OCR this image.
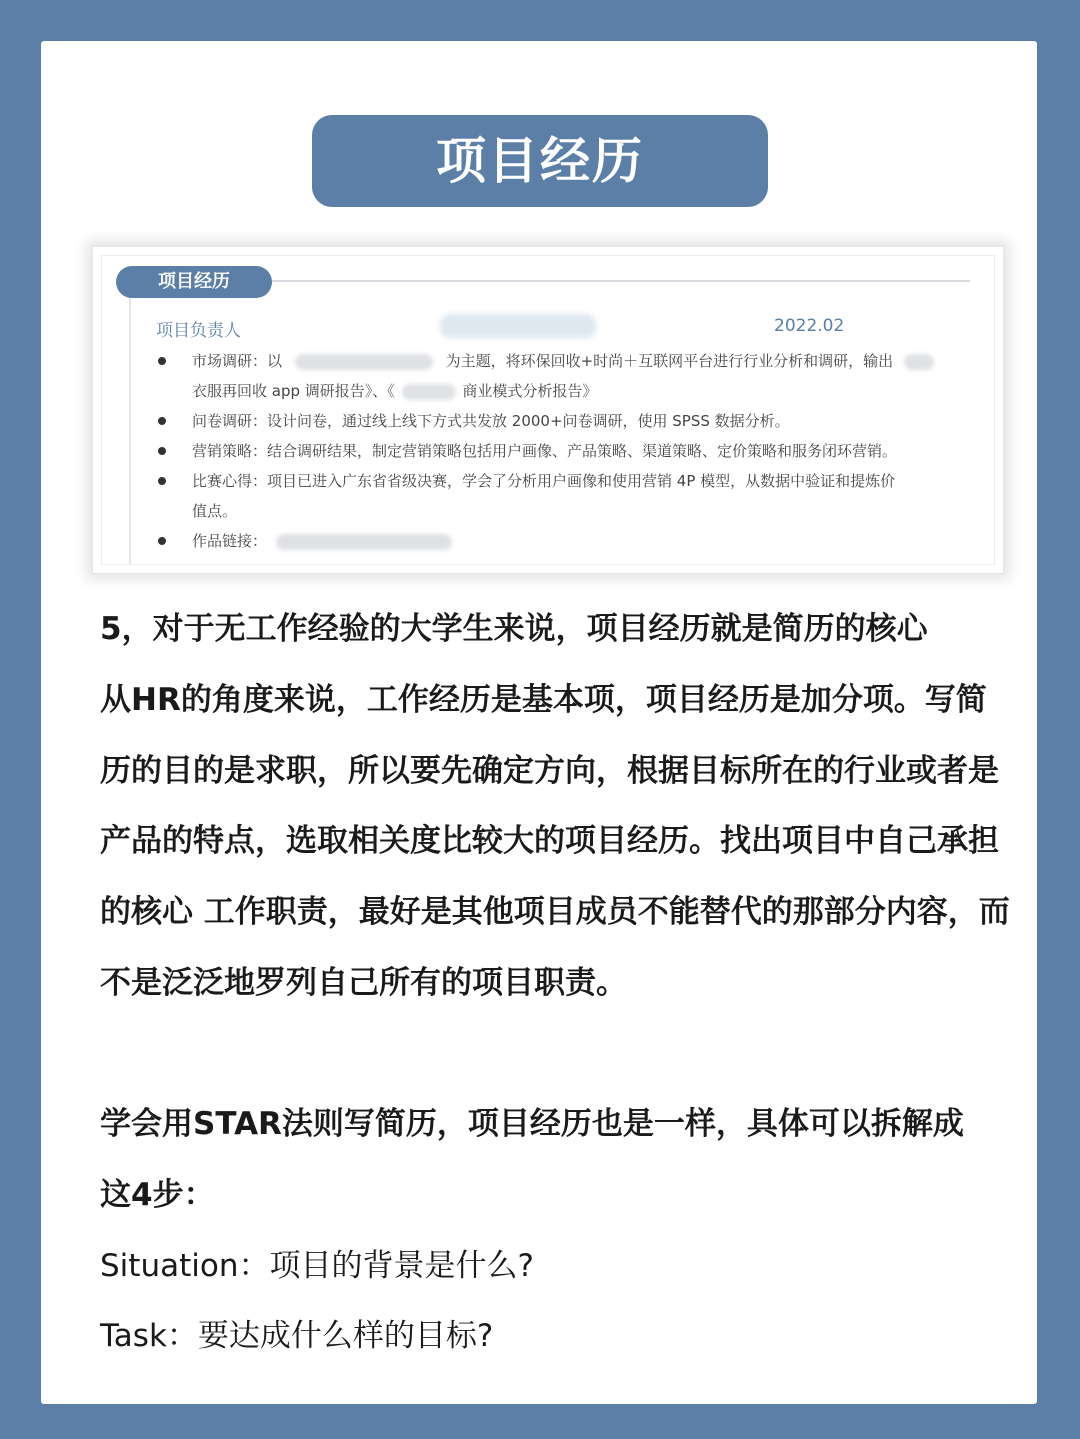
项目经历
项目经历
项目负责人	2022.02
市场调研：以	为主题，将环保回收+时尚＋互联网平台进行行业分析和调研，输出
衣服再回收 app 调研报告》、《	商业模式分析报告》
问卷调研：设计问卷，通过线上线下方式共发放 2000+问卷调研，使用 SPSS 数据分析。
营销策略：结合调研结果，制定营销策略包括用户画像、产品策略、渠道策略、定价策略和服务闭环营销。
比赛心得：项目已进入广东省省级决赛，学会了分析用户画像和使用营销 4P 模型，从数据中验证和提炼价
值点。
作品链接：
5，对于无工作经验的大学生来说，项目经历就是简历的核心
从HR的角度来说，工作经历是基本项，项目经历是加分项。写简
历的目的是求职，所以要先确定方向，根据目标所在的行业或者是
产品的特点，选取相关度比较大的项目经历。找出项目中自己承担
的核心 工作职责，最好是其他项目成员不能替代的那部分内容，而
不是泛泛地罗列自己所有的项目职责。
学会用STAR法则写简历，项目经历也是一样，具体可以拆解成
这4步：
Situation：项目的背景是什么?
Task：要达成什么样的目标?
